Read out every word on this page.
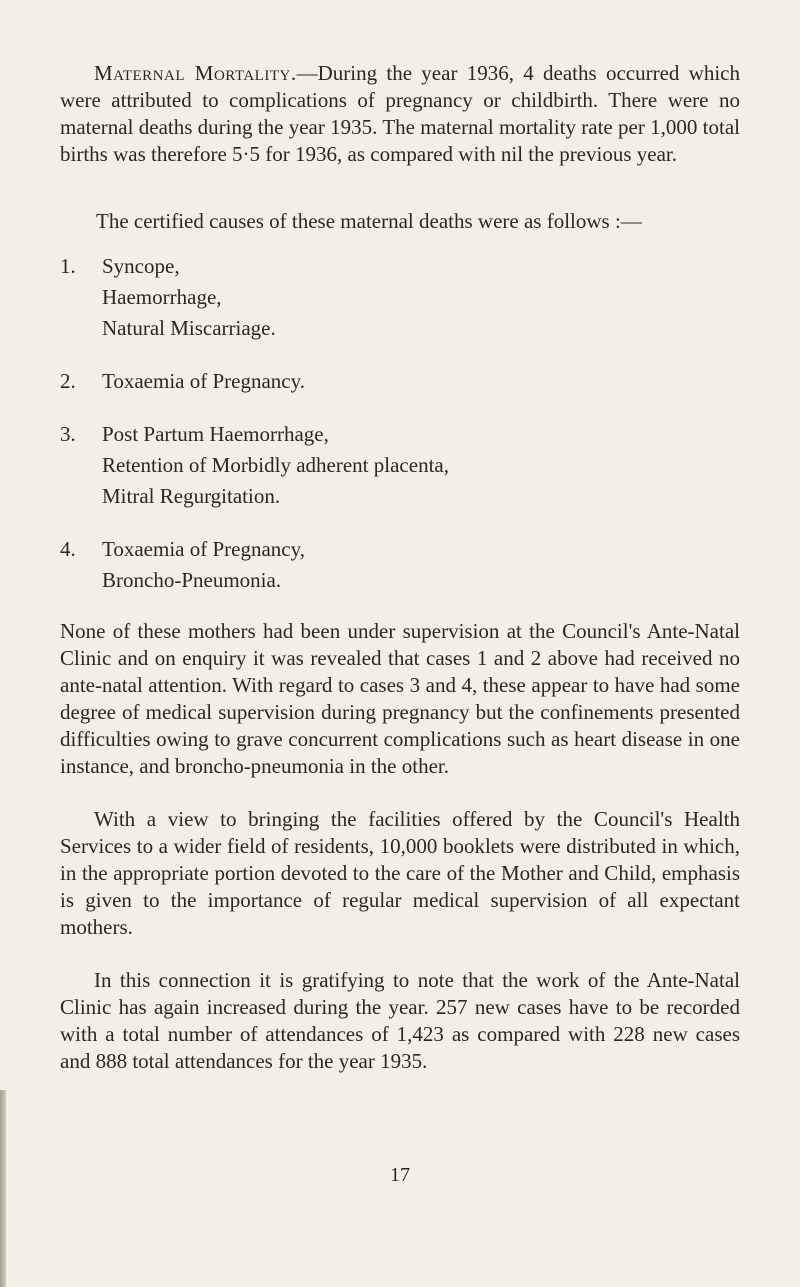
Maternal Mortality.—During the year 1936, 4 deaths occurred which were attributed to complications of pregnancy or childbirth. There were no maternal deaths during the year 1935. The maternal mortality rate per 1,000 total births was therefore 5·5 for 1936, as compared with nil the previous year.

The certified causes of these maternal deaths were as follows :—

1.	Syncope,
Haemorrhage,
Natural Miscarriage.
2.	Toxaemia of Pregnancy.
3.	Post Partum Haemorrhage,
Retention of Morbidly adherent placenta,
Mitral Regurgitation.
4.	Toxaemia of Pregnancy,
Broncho-Pneumonia.

None of these mothers had been under supervision at the Council's Ante-Natal Clinic and on enquiry it was revealed that cases 1 and 2 above had received no ante-natal attention. With regard to cases 3 and 4, these appear to have had some degree of medical supervision during pregnancy but the confinements presented difficulties owing to grave concurrent complications such as heart disease in one instance, and broncho-pneumonia in the other.

With a view to bringing the facilities offered by the Council's Health Services to a wider field of residents, 10,000 booklets were distributed in which, in the appropriate portion devoted to the care of the Mother and Child, emphasis is given to the importance of regular medical supervision of all expectant mothers.

In this connection it is gratifying to note that the work of the Ante-Natal Clinic has again increased during the year. 257 new cases have to be recorded with a total number of attendances of 1,423 as compared with 228 new cases and 888 total attendances for the year 1935.

17
